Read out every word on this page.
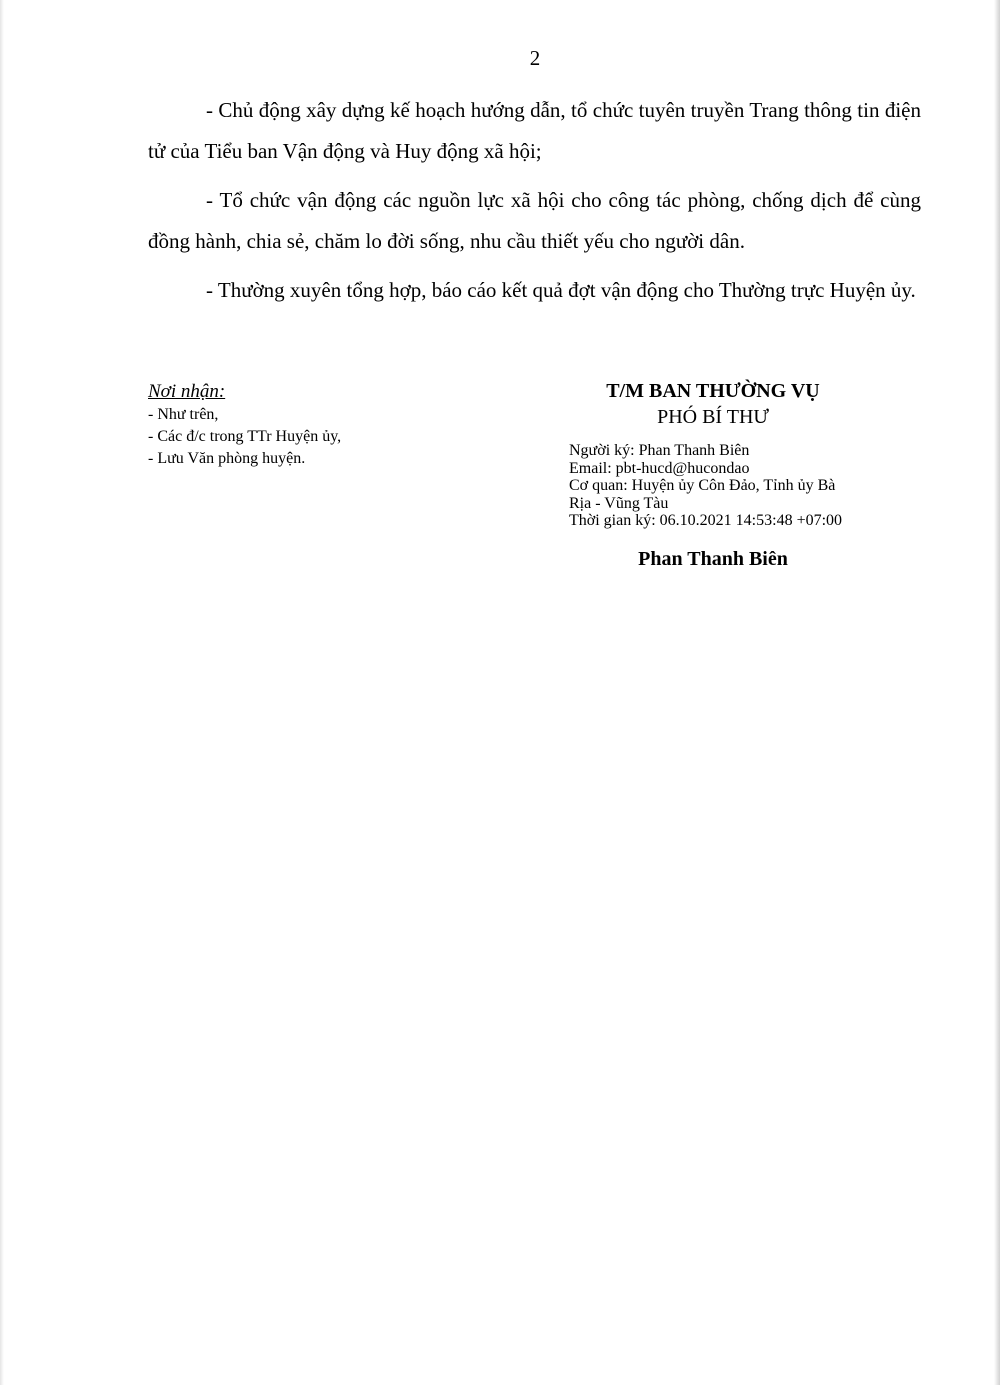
2

- Chủ động xây dựng kế hoạch hướng dẫn, tổ chức tuyên truyền Trang thông tin điện tử của Tiểu ban Vận động và Huy động xã hội;

- Tổ chức vận động các nguồn lực xã hội cho công tác phòng, chống dịch để cùng đồng hành, chia sẻ, chăm lo đời sống, nhu cầu thiết yếu cho người dân.

- Thường xuyên tổng hợp, báo cáo kết quả đợt vận động cho Thường trực Huyện ủy.

Nơi nhận:
- Như trên,
- Các đ/c trong TTr Huyện ủy,
- Lưu Văn phòng huyện.
T/M BAN THƯỜNG VỤ
PHÓ BÍ THƯ
Người ký: Phan Thanh Biên
Email: pbt-hucd@hucondao
Cơ quan: Huyện ủy Côn Đảo, Tỉnh ủy Bà Rịa - Vũng Tàu
Thời gian ký: 06.10.2021 14:53:48 +07:00
Phan Thanh Biên
